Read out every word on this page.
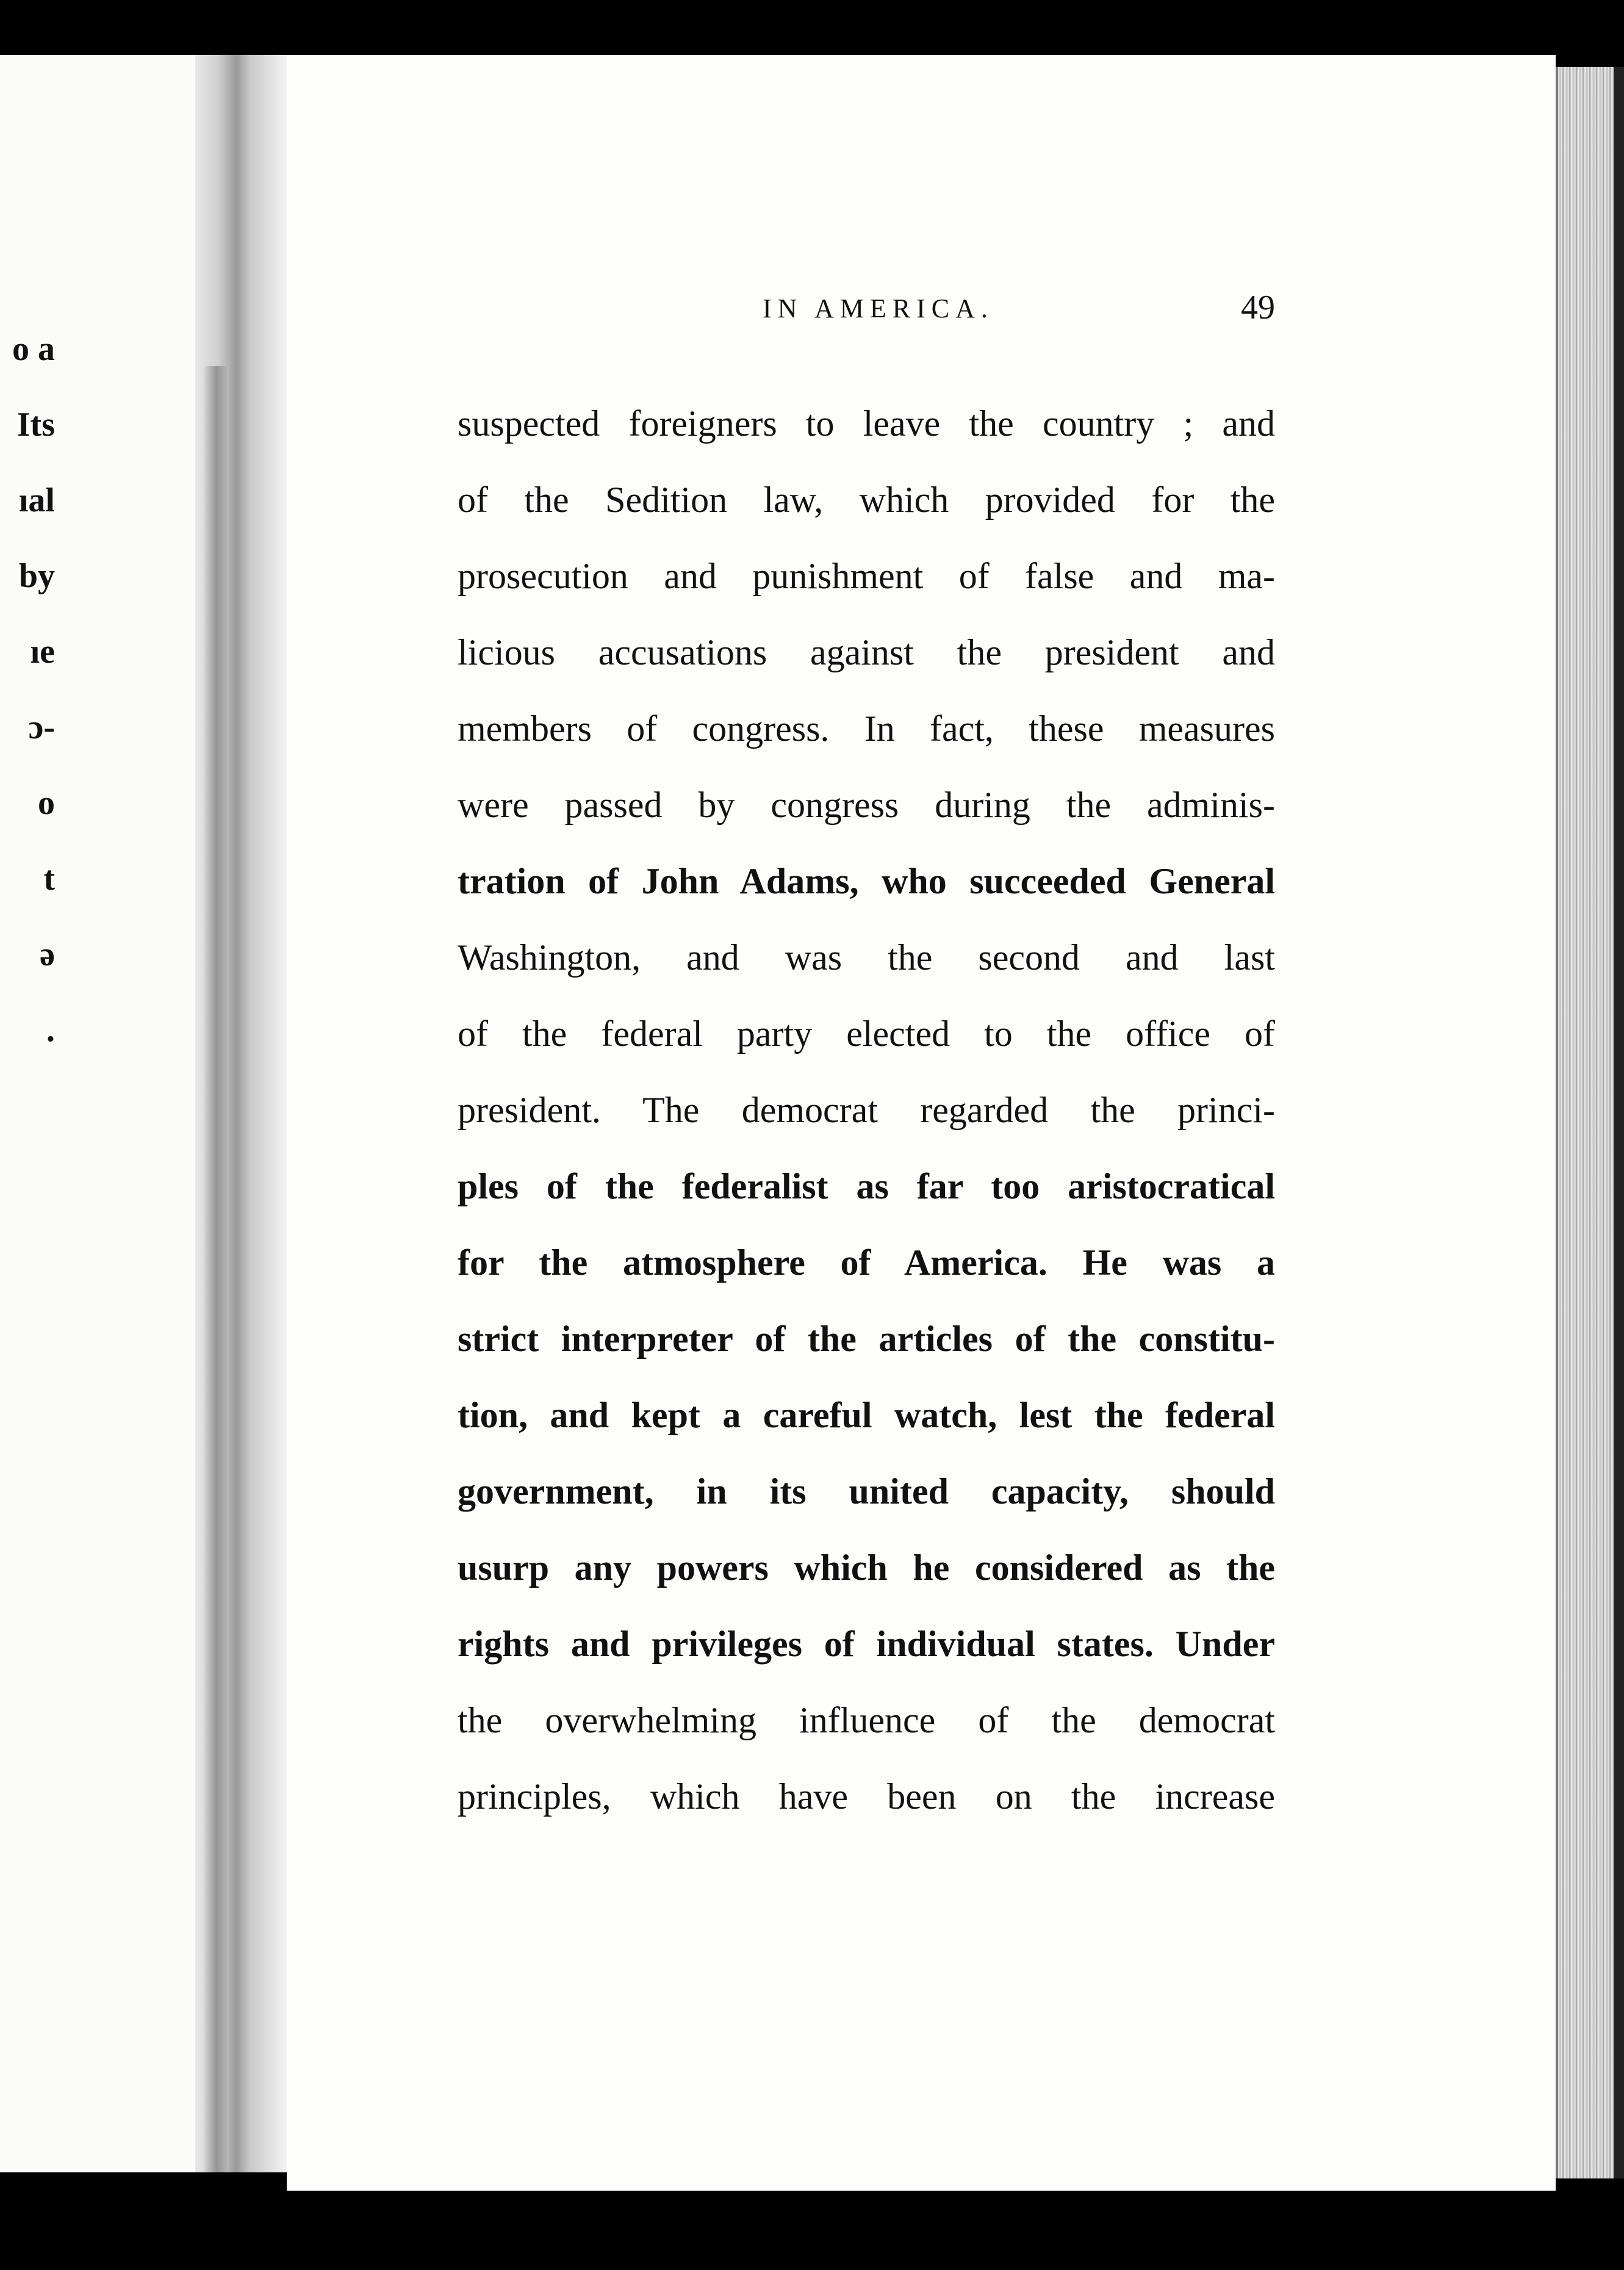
o a
Its
ıal
by
ıe
ɔ-
o
t
ə
.
IN AMERICA.	49
suspected foreigners to leave the country ; and
of the Sedition law, which provided for the
prosecution and punishment of false and ma-
licious accusations against the president and
members of congress. In fact, these measures
were passed by congress during the adminis-
tration of John Adams, who succeeded General
Washington, and was the second and last
of the federal party elected to the office of
president. The democrat regarded the princi-
ples of the federalist as far too aristocratical
for the atmosphere of America. He was a
strict interpreter of the articles of the constitu-
tion, and kept a careful watch, lest the federal
government, in its united capacity, should
usurp any powers which he considered as the
rights and privileges of individual states. Under
the overwhelming influence of the democrat
principles, which have been on the increase
